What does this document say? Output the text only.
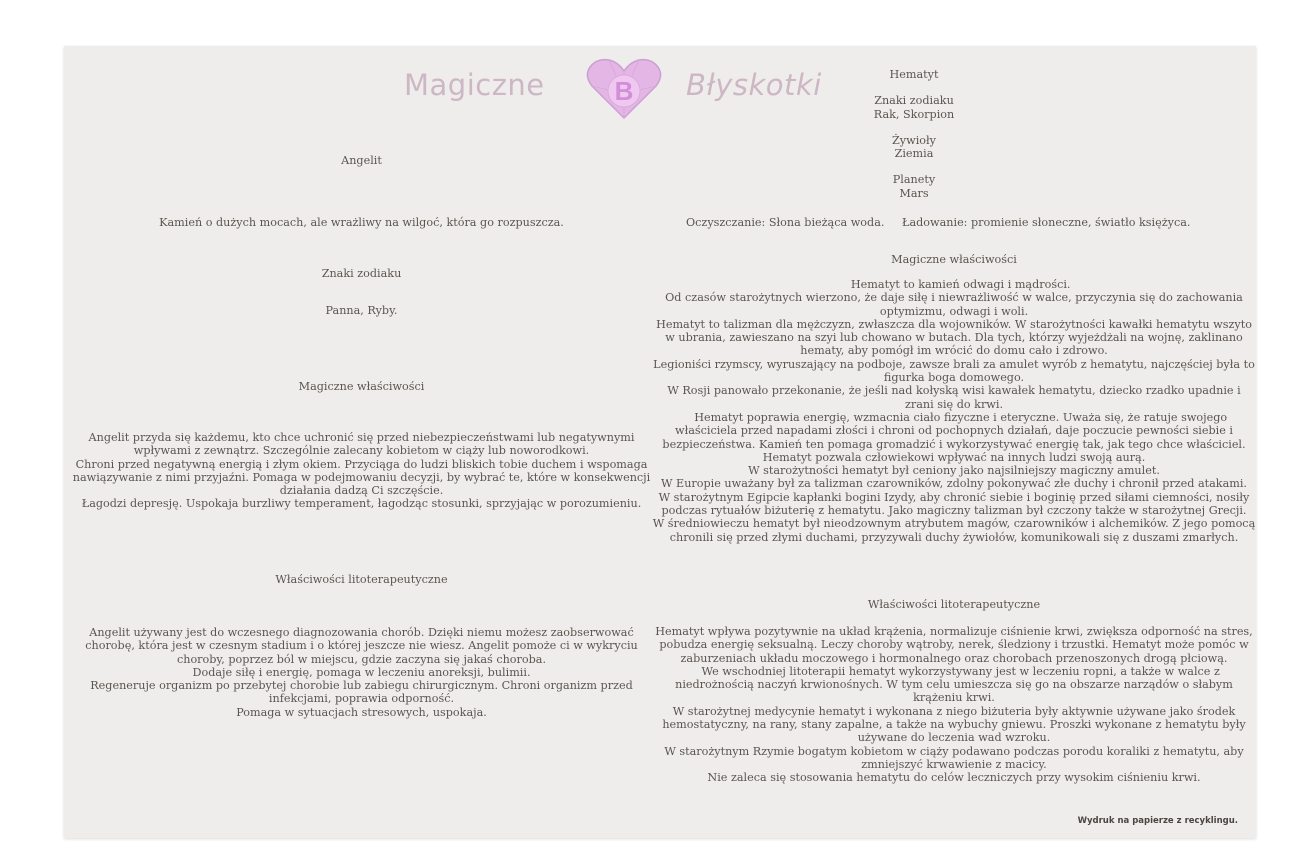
Magiczne	B Błyskotki
Angelit
Kamień o dużych mocach, ale wrażliwy na wilgoć, która go rozpuszcza.
Znaki zodiaku
Panna, Ryby.
Magiczne właściwości

Angelit przyda się każdemu, kto chce uchronić się przed niebezpieczeństwami lub negatywnymi wpływami z zewnątrz. Szczególnie zalecany kobietom w ciąży lub noworodkowi.

Chroni przed negatywną energią i złym okiem. Przyciąga do ludzi bliskich tobie duchem i wspomaga nawiązywanie z nimi przyjaźni. Pomaga w podejmowaniu decyzji, by wybrać te, które w konsekwencji działania dadzą Ci szczęście.

Łagodzi depresję. Uspokaja burzliwy temperament, łagodząc stosunki, sprzyjając w porozumieniu.

Właściwości litoterapeutyczne

Angelit używany jest do wczesnego diagnozowania chorób. Dzięki niemu możesz zaobserwować chorobę, która jest w czesnym stadium i o której jeszcze nie wiesz. Angelit pomoże ci w wykryciu choroby, poprzez ból w miejscu, gdzie zaczyna się jakaś choroba.

Dodaje siłę i energię, pomaga w leczeniu anoreksji, bulimii.

Regeneruje organizm po przebytej chorobie lub zabiegu chirurgicznym. Chroni organizm przed infekcjami, poprawia odporność.

Pomaga w sytuacjach stresowych, uspokaja.

Hematyt

Znaki zodiaku

Rak, Skorpion

Żywioły

Ziemia

Planety

Mars

Oczyszczanie: Słona bieżąca woda. Ładowanie: promienie słoneczne, światło księżyca.
Magiczne właściwości

Hematyt to kamień odwagi i mądrości.

Od czasów starożytnych wierzono, że daje siłę i niewrażliwość w walce, przyczynia się do zachowania optymizmu, odwagi i woli.

Hematyt to talizman dla mężczyzn, zwłaszcza dla wojowników. W starożytności kawałki hematytu wszyto w ubrania, zawieszano na szyi lub chowano w butach. Dla tych, którzy wyjeżdżali na wojnę, zaklinano hematy, aby pomógł im wrócić do domu cało i zdrowo.

Legioniści rzymscy, wyruszający na podboje, zawsze brali za amulet wyrób z hematytu, najczęściej była to figurka boga domowego.

W Rosji panowało przekonanie, że jeśli nad kołyską wisi kawałek hematytu, dziecko rzadko upadnie i zrani się do krwi.

Hematyt poprawia energię, wzmacnia ciało fizyczne i eteryczne. Uważa się, że ratuje swojego właściciela przed napadami złości i chroni od pochopnych działań, daje poczucie pewności siebie i bezpieczeństwa. Kamień ten pomaga gromadzić i wykorzystywać energię tak, jak tego chce właściciel. Hematyt pozwala człowiekowi wpływać na innych ludzi swoją aurą.

W starożytności hematyt był ceniony jako najsilniejszy magiczny amulet.

W Europie uważany był za talizman czarowników, zdolny pokonywać złe duchy i chronił przed atakami.

W starożytnym Egipcie kapłanki bogini Izydy, aby chronić siebie i boginię przed siłami ciemności, nosiły podczas rytuałów biżuterię z hematytu. Jako magiczny talizman był czczony także w starożytnej Grecji.

W średniowieczu hematyt był nieodzownym atrybutem magów, czarowników i alchemików. Z jego pomocą chronili się przed złymi duchami, przyzywali duchy żywiołów, komunikowali się z duszami zmarłych.

Właściwości litoterapeutyczne

Hematyt wpływa pozytywnie na układ krążenia, normalizuje ciśnienie krwi, zwiększa odporność na stres, pobudza energię seksualną. Leczy choroby wątroby, nerek, śledziony i trzustki. Hematyt może pomóc w zaburzeniach układu moczowego i hormonalnego oraz chorobach przenoszonych drogą płciową.

We wschodniej litoterapii hematyt wykorzystywany jest w leczeniu ropni, a także w walce z niedrożnością naczyń krwionośnych. W tym celu umieszcza się go na obszarze narządów o słabym krążeniu krwi.

W starożytnej medycynie hematyt i wykonana z niego biżuteria były aktywnie używane jako środek hemostatyczny, na rany, stany zapalne, a także na wybuchy gniewu. Proszki wykonane z hematytu były używane do leczenia wad wzroku.

W starożytnym Rzymie bogatym kobietom w ciąży podawano podczas porodu koraliki z hematytu, aby zmniejszyć krwawienie z macicy.

Nie zaleca się stosowania hematytu do celów leczniczych przy wysokim ciśnieniu krwi.

Wydruk na papierze z recyklingu.
